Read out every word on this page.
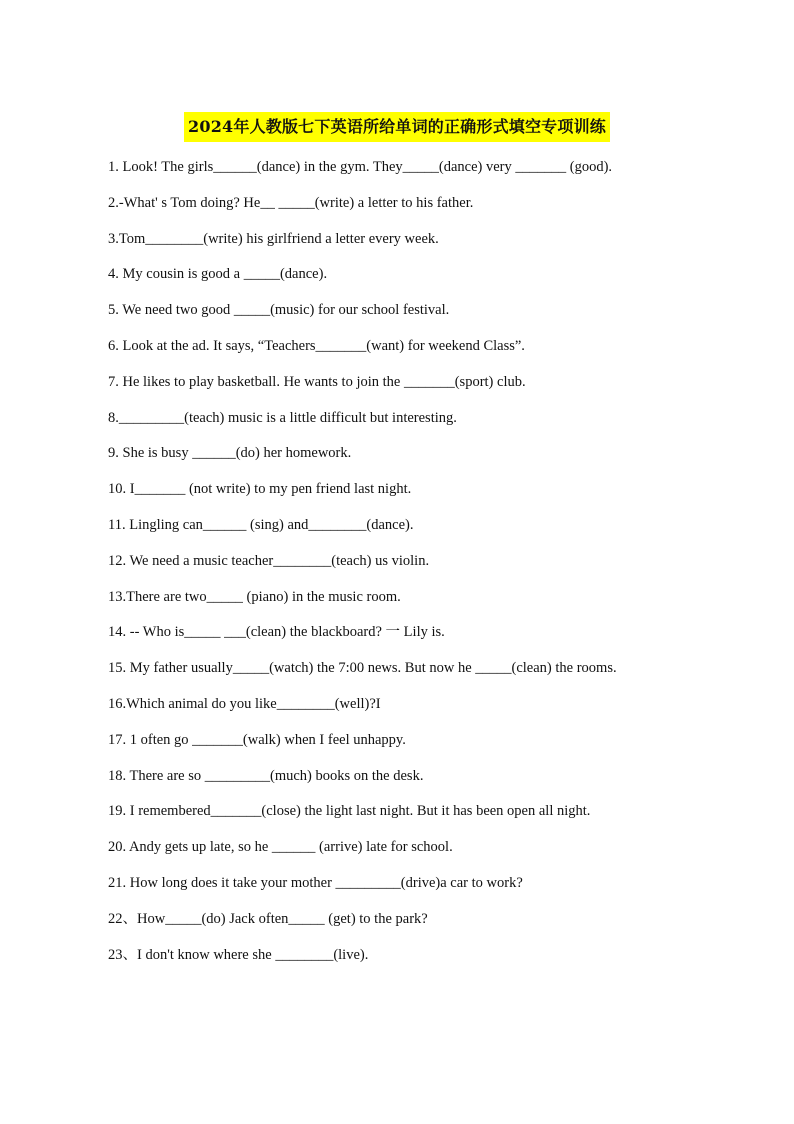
2024年人教版七下英语所给单词的正确形式填空专项训练
1. Look! The girls______(dance) in the gym. They_____(dance) very _______ (good).
2.-What' s Tom doing? He__ _____(write) a letter to his father.
3.Tom________(write) his girlfriend a letter every week.
4. My cousin is good a _____(dance).
5. We need two good _____(music) for our school festival.
6. Look at the ad. It says, “Teachers_______(want) for weekend Class”.
7. He likes to play basketball. He wants to join the _______(sport) club.
8._________(teach) music is a little difficult but interesting.
9. She is busy ______(do) her homework.
10. I_______ (not write) to my pen friend last night.
11. Lingling can______ (sing) and________(dance).
12. We need a music teacher________(teach) us violin.
13.There are two_____ (piano) in the music room.
14. -- Who is_____ ___(clean) the blackboard? 一 Lily is.
15. My father usually_____(watch) the 7:00 news. But now he _____(clean) the rooms.
16.Which animal do you like________(well)?I
17. 1 often go _______(walk) when I feel unhappy.
18. There are so _________(much) books on the desk.
19. I remembered_______(close) the light last night. But it has been open all night.
20. Andy gets up late, so he ______ (arrive) late for school.
21. How long does it take your mother _________(drive)a car to work?
22、How_____(do) Jack often_____ (get) to the park?
23、I don't know where she ________(live).
